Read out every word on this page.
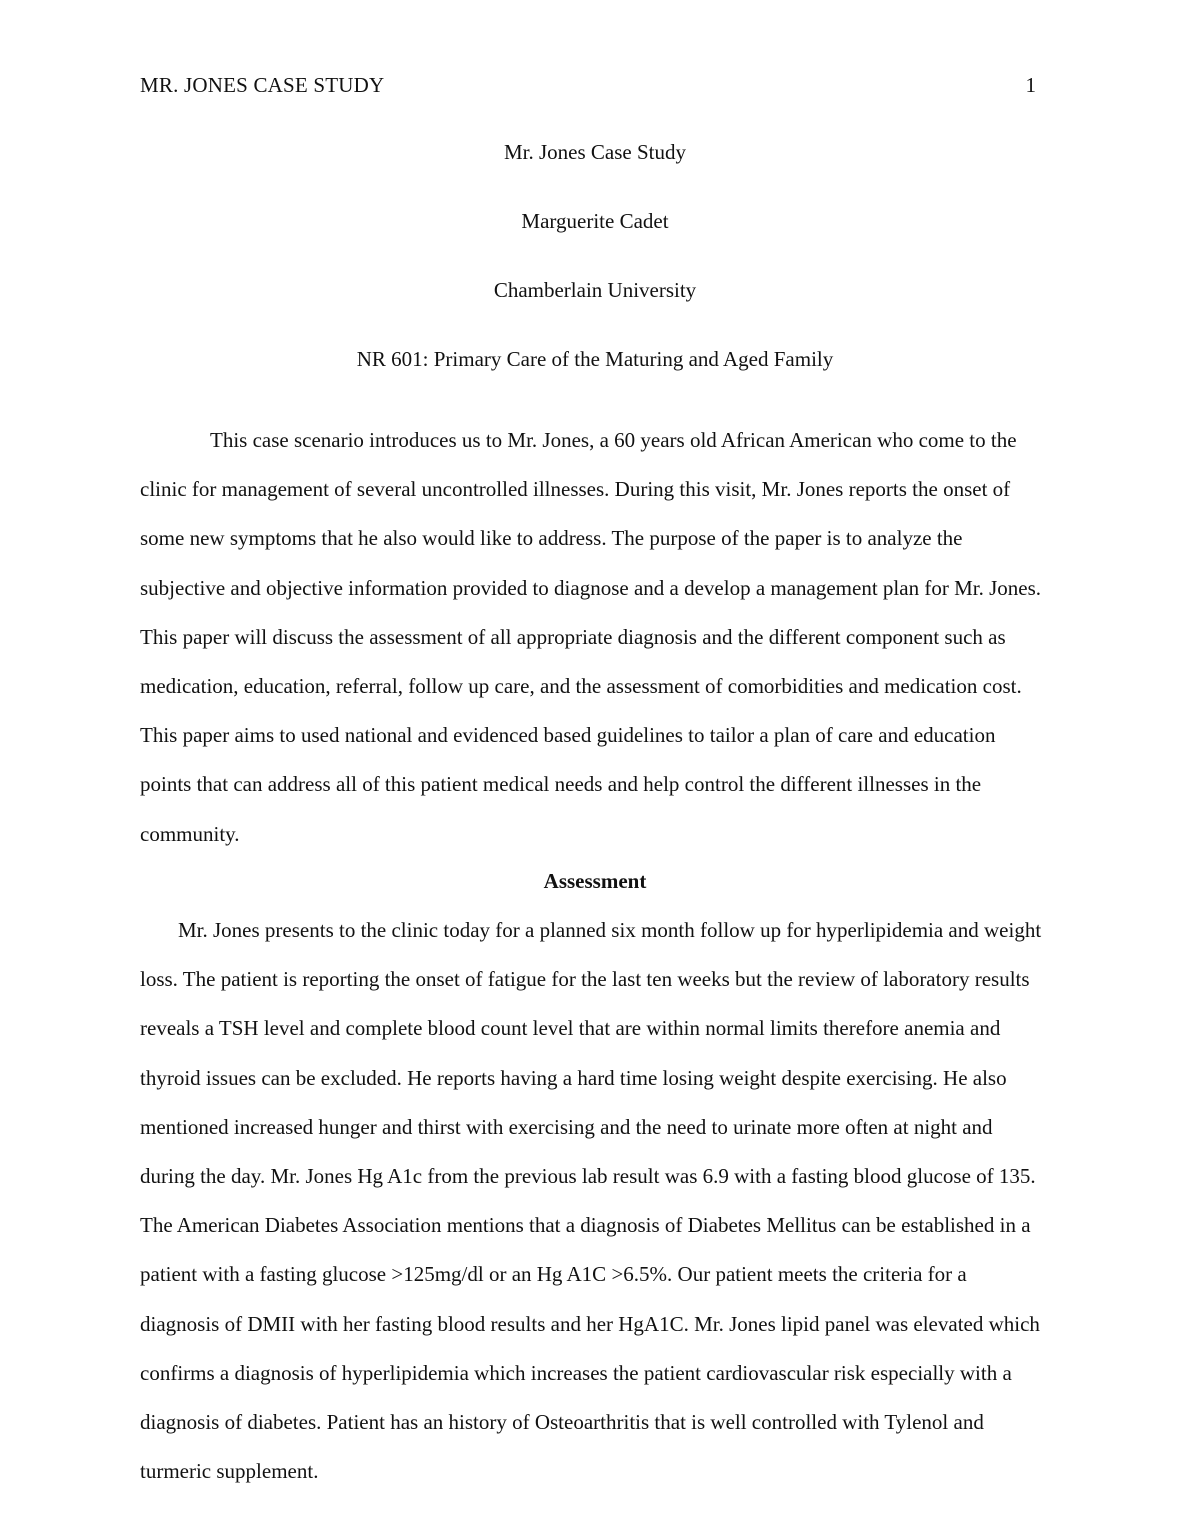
MR. JONES CASE STUDY	1
Mr. Jones Case Study
Marguerite Cadet
Chamberlain University
NR 601: Primary Care of the Maturing and Aged Family

This case scenario introduces us to Mr. Jones, a 60 years old African American who come to the clinic for management of several uncontrolled illnesses. During this visit, Mr. Jones reports the onset of some new symptoms that he also would like to address. The purpose of the paper is to analyze the subjective and objective information provided to diagnose and a develop a management plan for Mr. Jones. This paper will discuss the assessment of all appropriate diagnosis and the different component such as medication, education, referral, follow up care, and the assessment of comorbidities and medication cost. This paper aims to used national and evidenced based guidelines to tailor a plan of care and education points that can address all of this patient medical needs and help control the different illnesses in the community.

Assessment

Mr. Jones presents to the clinic today for a planned six month follow up for hyperlipidemia and weight loss. The patient is reporting the onset of fatigue for the last ten weeks but the review of laboratory results reveals a TSH level and complete blood count level that are within normal limits therefore anemia and thyroid issues can be excluded. He reports having a hard time losing weight despite exercising. He also mentioned increased hunger and thirst with exercising and the need to urinate more often at night and during the day. Mr. Jones Hg A1c from the previous lab result was 6.9 with a fasting blood glucose of 135. The American Diabetes Association mentions that a diagnosis of Diabetes Mellitus can be established in a patient with a fasting glucose >125mg/dl or an Hg A1C >6.5%. Our patient meets the criteria for a diagnosis of DMII with her fasting blood results and her HgA1C. Mr. Jones lipid panel was elevated which confirms a diagnosis of hyperlipidemia which increases the patient cardiovascular risk especially with a diagnosis of diabetes. Patient has an history of Osteoarthritis that is well controlled with Tylenol and turmeric supplement.
